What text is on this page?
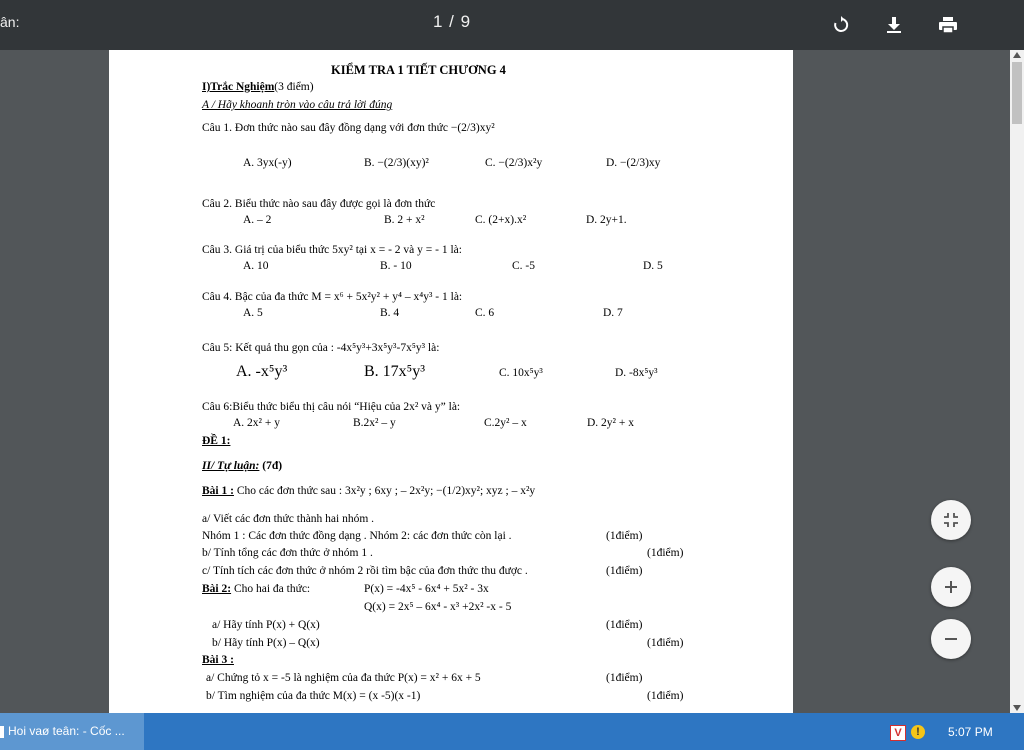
ân:	1 / 9
KIỂM TRA 1 TIẾT CHƯƠNG 4
I)Trắc Nghiệm(3 điểm)
A / Hãy khoanh tròn vào câu trả lời đúng
Câu 1. Đơn thức nào sau đây đồng dạng với đơn thức −(2/3)xy²
A. 3yx(-y)	B. −(2/3)(xy)²	C. −(2/3)x²y	D. −(2/3)xy
Câu 2. Biểu thức nào sau đây được gọi là đơn thức
A. – 2	B. 2 + x²	C. (2+x).x²	D. 2y+1.
Câu 3. Giá trị của biểu thức 5xy² tại x = - 2 và y = - 1 là:
A. 10	B. - 10	C. -5	D. 5
Câu 4. Bậc của đa thức M = x⁶ + 5x²y² + y⁴ – x⁴y³ - 1 là:
A. 5	B. 4	C. 6	D. 7
Câu 5: Kết quả thu gọn của : -4x⁵y³+3x⁵y³-7x⁵y³ là:
A. -x⁵y³	B. 17x⁵y³	C. 10x⁵y³	D. -8x⁵y³
Câu 6:Biểu thức biểu thị câu nói “Hiệu của 2x² và y” là:
A. 2x² + y	B.2x² – y	C.2y² – x	D. 2y² + x
ĐỀ 1:
II/ Tự luận: (7đ)
Bài 1 : Cho các đơn thức sau : 3x²y ; 6xy ; – 2x²y; −(1/2)xy²; xyz ; – x²y
a/ Viết các đơn thức thành hai nhóm .
Nhóm 1 : Các đơn thức đồng dạng . Nhóm 2: các đơn thức còn lại .	(1điểm)
b/ Tính tổng các đơn thức ở nhóm 1 .	(1điểm)
c/ Tính tích các đơn thức ở nhóm 2 rồi tìm bậc của đơn thức thu được .	(1điểm)
Bài 2: Cho hai đa thức:	P(x) = -4x⁵ - 6x⁴ + 5x² - 3x
Q(x) = 2x⁵ – 6x⁴ - x³ +2x² -x - 5
a/ Hãy tính P(x) + Q(x)	(1điểm)
b/ Hãy tính P(x) – Q(x)	(1điểm)
Bài 3 :
a/ Chứng tỏ x = -5 là nghiệm của đa thức P(x) = x² + 6x + 5	(1điểm)
b/ Tìm nghiệm của đa thức M(x) = (x -5)(x -1)	(1điểm)
Hoi vaø teân: - Cốc ...	V	!	5:07 PM
